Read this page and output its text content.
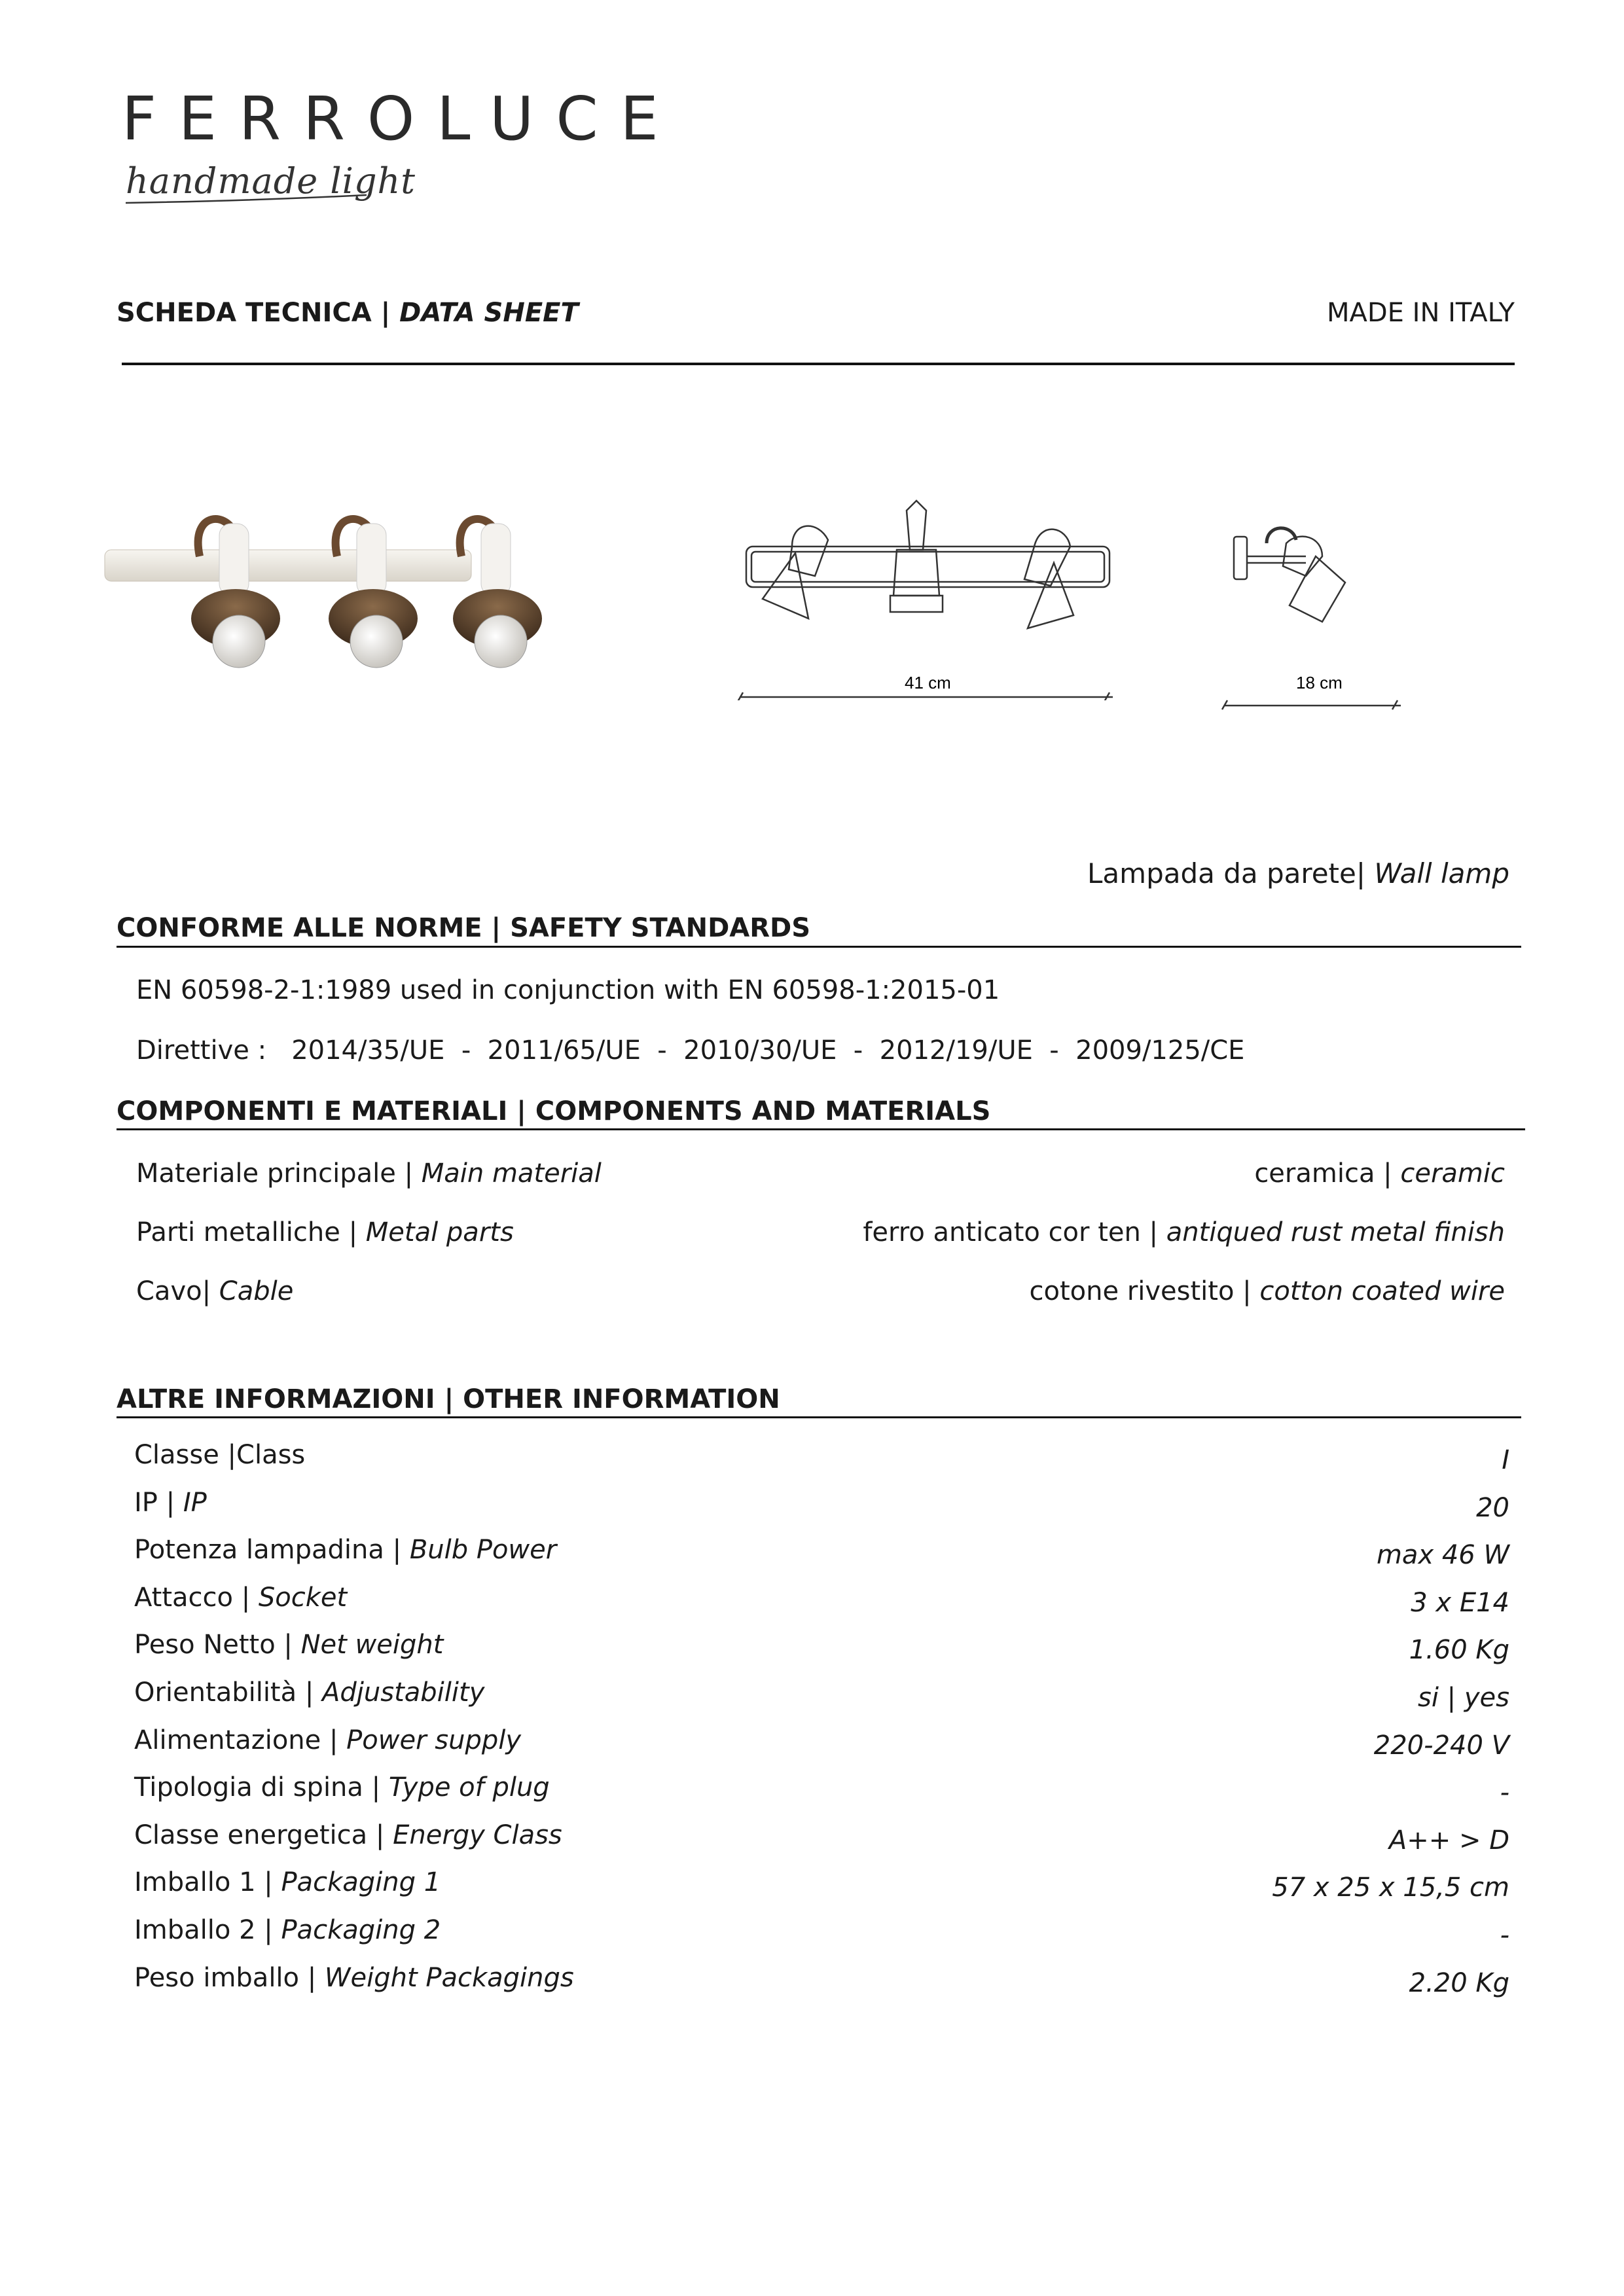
FERROLUCE
handmade light
SCHEDA TECNICA | DATA SHEET	MADE IN ITALY
41 cm	18 cm
Lampada da parete| Wall lamp
CONFORME ALLE NORME | SAFETY STANDARDS
EN 60598-2-1:1989 used in conjunction with EN 60598-1:2015-01
Direttive :   2014/35/UE  -  2011/65/UE  -  2010/30/UE  -  2012/19/UE  -  2009/125/CE
COMPONENTI E MATERIALI | COMPONENTS AND MATERIALS
Materiale principale | Main material	ceramica | ceramic
Parti metalliche | Metal parts	ferro anticato cor ten | antiqued rust metal finish
Cavo| Cable	cotone rivestito | cotton coated wire
ALTRE INFORMAZIONI | OTHER INFORMATION
Classe |Class	I
IP | IP	20
Potenza lampadina | Bulb Power	max 46 W
Attacco | Socket	3 x E14
Peso Netto | Net weight	1.60 Kg
Orientabilità | Adjustability	si | yes
Alimentazione | Power supply	220-240 V
Tipologia di spina | Type of plug	-
Classe energetica | Energy Class	A++ > D
Imballo 1 | Packaging 1	57 x 25 x 15,5 cm
Imballo 2 | Packaging 2	-
Peso imballo | Weight Packagings	2.20 Kg
